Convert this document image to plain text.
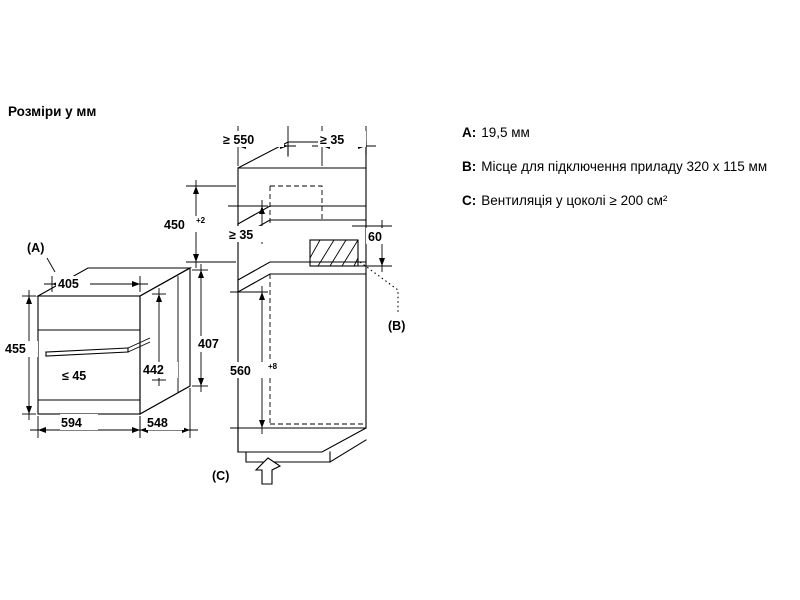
Розміри у мм
(A)
405
455
≤ 45
594	548
407
442
≥ 550	≥ 35
450 +2
≥ 35	60
560 +8
(B)
(C)
A: 19,5 мм
B: Місце для підключення приладу 320 x 115 мм
C: Вентиляція у цоколі ≥ 200 см²
